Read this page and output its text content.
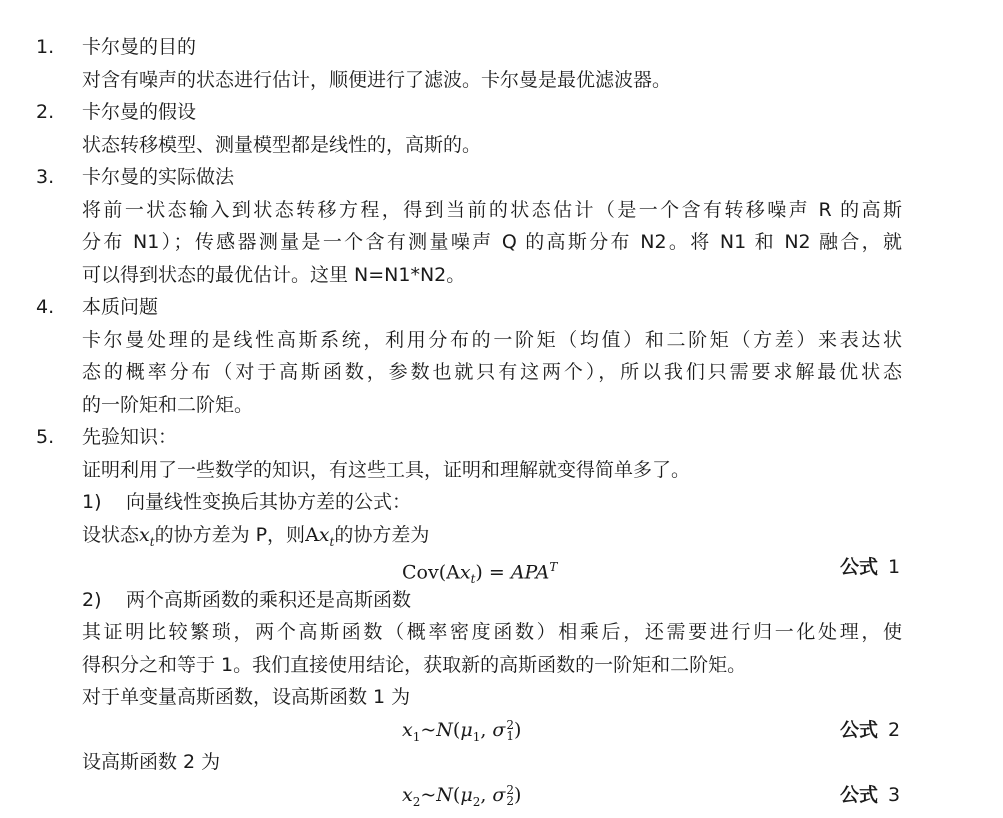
1. 卡尔曼的目的
对含有噪声的状态进行估计，顺便进行了滤波。卡尔曼是最优滤波器。
2. 卡尔曼的假设
状态转移模型、测量模型都是线性的，高斯的。
3. 卡尔曼的实际做法
将前一状态输入到状态转移方程，得到当前的状态估计（是一个含有转移噪声 R 的高斯
分布 N1）；传感器测量是一个含有测量噪声 Q 的高斯分布 N2。将 N1 和 N2 融合，就
可以得到状态的最优估计。这里 N=N1*N2。
4. 本质问题
卡尔曼处理的是线性高斯系统，利用分布的一阶矩（均值）和二阶矩（方差）来表达状
态的概率分布（对于高斯函数，参数也就只有这两个），所以我们只需要求解最优状态
的一阶矩和二阶矩。
5. 先验知识：
证明利用了一些数学的知识，有这些工具，证明和理解就变得简单多了。
1) 向量线性变换后其协方差的公式：
设状态$x_t$的协方差为 P，则$Ax_t$的协方差为
$Cov(Ax_t) = APA^T$	公式 1
2) 两个高斯函数的乘积还是高斯函数
其证明比较繁琐，两个高斯函数（概率密度函数）相乘后，还需要进行归一化处理，使
得积分之和等于 1。我们直接使用结论，获取新的高斯函数的一阶矩和二阶矩。
对于单变量高斯函数，设高斯函数 1 为
$x_1\sim N(\mu_1$, σ 2
1 )	公式 2
设高斯函数 2 为
$x_2\sim N(\mu_2$, σ 2
2 )	公式 3
